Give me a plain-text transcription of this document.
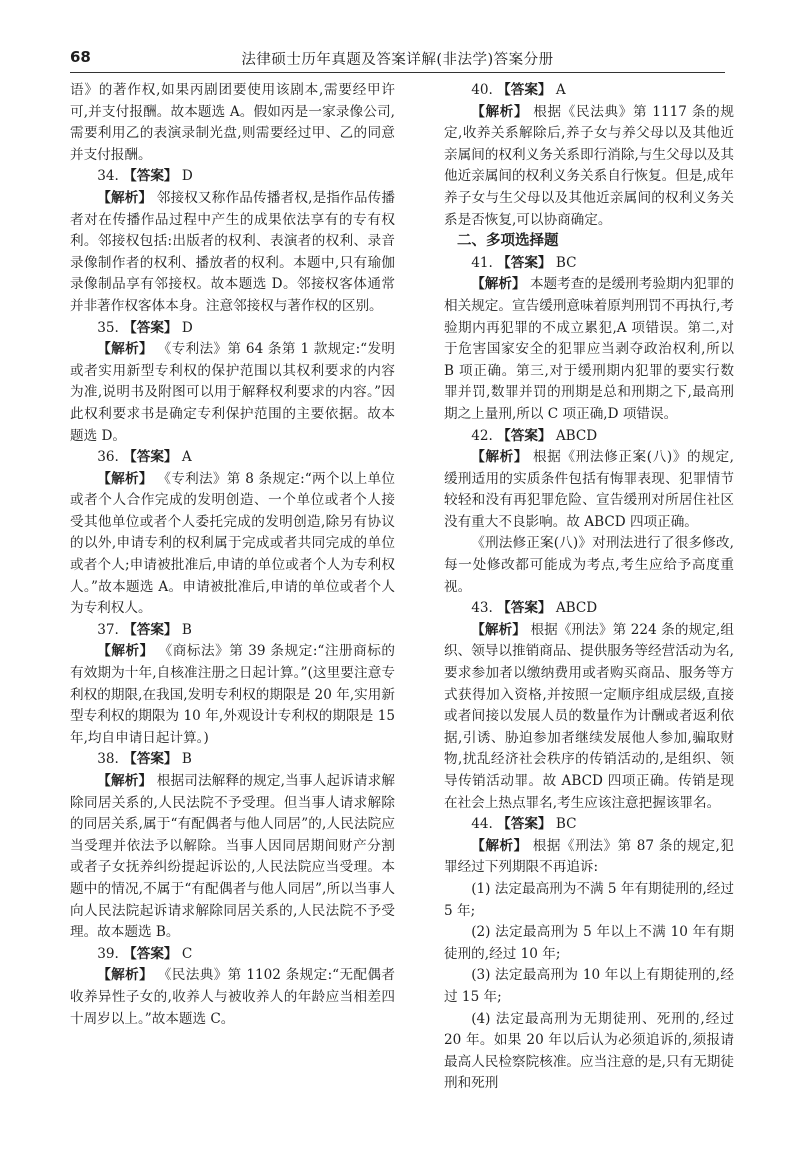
68	法律硕士历年真题及答案详解(非法学)答案分册

语》的著作权,如果丙剧团要使用该剧本,需要经甲许可,并支付报酬。故本题选 A。假如丙是一家录像公司,需要利用乙的表演录制光盘,则需要经过甲、乙的同意并支付报酬。

34. 【答案】 D

【解析】 邻接权又称作品传播者权,是指作品传播者对在传播作品过程中产生的成果依法享有的专有权利。邻接权包括:出版者的权利、表演者的权利、录音录像制作者的权利、播放者的权利。本题中,只有瑜伽录像制品享有邻接权。故本题选 D。邻接权客体通常并非著作权客体本身。注意邻接权与著作权的区别。

35. 【答案】 D

【解析】 《专利法》第 64 条第 1 款规定:“发明或者实用新型专利权的保护范围以其权利要求的内容为准,说明书及附图可以用于解释权利要求的内容。”因此权利要求书是确定专利保护范围的主要依据。故本题选 D。

36. 【答案】 A

【解析】 《专利法》第 8 条规定:“两个以上单位或者个人合作完成的发明创造、一个单位或者个人接受其他单位或者个人委托完成的发明创造,除另有协议的以外,申请专利的权利属于完成或者共同完成的单位或者个人;申请被批准后,申请的单位或者个人为专利权人。”故本题选 A。申请被批准后,申请的单位或者个人为专利权人。

37. 【答案】 B

【解析】 《商标法》第 39 条规定:“注册商标的有效期为十年,自核准注册之日起计算。”(这里要注意专利权的期限,在我国,发明专利权的期限是 20 年,实用新型专利权的期限为 10 年,外观设计专利权的期限是 15 年,均自申请日起计算。)

38. 【答案】 B

【解析】 根据司法解释的规定,当事人起诉请求解除同居关系的,人民法院不予受理。但当事人请求解除的同居关系,属于“有配偶者与他人同居”的,人民法院应当受理并依法予以解除。当事人因同居期间财产分割或者子女抚养纠纷提起诉讼的,人民法院应当受理。本题中的情况,不属于“有配偶者与他人同居”,所以当事人向人民法院起诉请求解除同居关系的,人民法院不予受理。故本题选 B。

39. 【答案】 C

【解析】 《民法典》第 1102 条规定:“无配偶者收养异性子女的,收养人与被收养人的年龄应当相差四十周岁以上。”故本题选 C。

40. 【答案】 A

【解析】 根据《民法典》第 1117 条的规定,收养关系解除后,养子女与养父母以及其他近亲属间的权利义务关系即行消除,与生父母以及其他近亲属间的权利义务关系自行恢复。但是,成年养子女与生父母以及其他近亲属间的权利义务关系是否恢复,可以协商确定。

二、多项选择题

41. 【答案】 BC

【解析】 本题考查的是缓刑考验期内犯罪的相关规定。宣告缓刑意味着原判刑罚不再执行,考验期内再犯罪的不成立累犯,A 项错误。第二,对于危害国家安全的犯罪应当剥夺政治权利,所以 B 项正确。第三,对于缓刑期内犯罪的要实行数罪并罚,数罪并罚的刑期是总和刑期之下,最高刑期之上量刑,所以 C 项正确,D 项错误。

42. 【答案】 ABCD

【解析】 根据《刑法修正案(八)》的规定,缓刑适用的实质条件包括有悔罪表现、犯罪情节较轻和没有再犯罪危险、宣告缓刑对所居住社区没有重大不良影响。故 ABCD 四项正确。

《刑法修正案(八)》对刑法进行了很多修改,每一处修改都可能成为考点,考生应给予高度重视。

43. 【答案】 ABCD

【解析】 根据《刑法》第 224 条的规定,组织、领导以推销商品、提供服务等经营活动为名,要求参加者以缴纳费用或者购买商品、服务等方式获得加入资格,并按照一定顺序组成层级,直接或者间接以发展人员的数量作为计酬或者返利依据,引诱、胁迫参加者继续发展他人参加,骗取财物,扰乱经济社会秩序的传销活动的,是组织、领导传销活动罪。故 ABCD 四项正确。传销是现在社会上热点罪名,考生应该注意把握该罪名。

44. 【答案】 BC

【解析】 根据《刑法》第 87 条的规定,犯罪经过下列期限不再追诉:

(1) 法定最高刑为不满 5 年有期徒刑的,经过 5 年;

(2) 法定最高刑为 5 年以上不满 10 年有期徒刑的,经过 10 年;

(3) 法定最高刑为 10 年以上有期徒刑的,经过 15 年;

(4) 法定最高刑为无期徒刑、死刑的,经过 20 年。如果 20 年以后认为必须追诉的,须报请最高人民检察院核准。应当注意的是,只有无期徒刑和死刑
